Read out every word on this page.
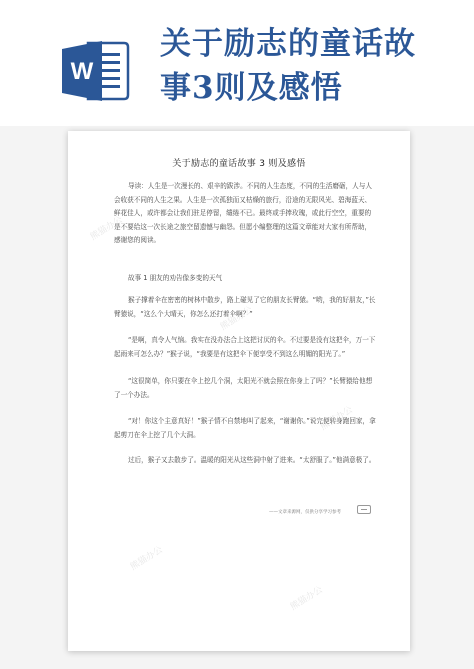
W
关于励志的童话故
事3则及感悟
关于励志的童话故事 3 则及感悟

导读：人生是一次漫长的、艰辛的跋涉。不同的人生态度，不同的生活磨砺，人与人会收获不同的人生之果。人生是一次孤独而又枯燥的旅行，沿途的无限风光、碧海蓝天、鲜花佳人，或许都会让我们驻足停留，缱绻不已。最终或手捧玫瑰，或此行空空，重要的是不要给这一次长途之旅空留遗憾与幽怨。但愿小编整理的这篇文章能对大家有所帮助，感谢您的阅读。

故事 1 朋友的劝告像多变的天气

猴子撑着伞在密密的树林中散步，路上碰见了它的朋友长臂猿。“哟，我的好朋友，”长臂猿说，“这么个大晴天，你怎么还打着伞啊？”

“是啊，真令人气恼。我实在没办法合上这把讨厌的伞。不过要是没有这把伞，万一下起雨来可怎么办？”猴子说，“我要是有这把伞下便享受不到这么明媚的阳光了。”

“这很简单，你只要在伞上挖几个洞，太阳光不就会照在你身上了吗？”长臂猿给他想了一个办法。

“对！你这个主意真好！”猴子情不自禁地叫了起来，“谢谢你。”说完便转身跑回家，拿起剪刀在伞上挖了几个大洞。

过后，猴子又去散步了。温暖的阳光从这些洞中射了进来。“太舒服了。”他满意极了。

——文章来源网，仅供分享学习参考
熊猫办公
熊猫办公
熊猫办公
熊猫办公
熊猫办公
